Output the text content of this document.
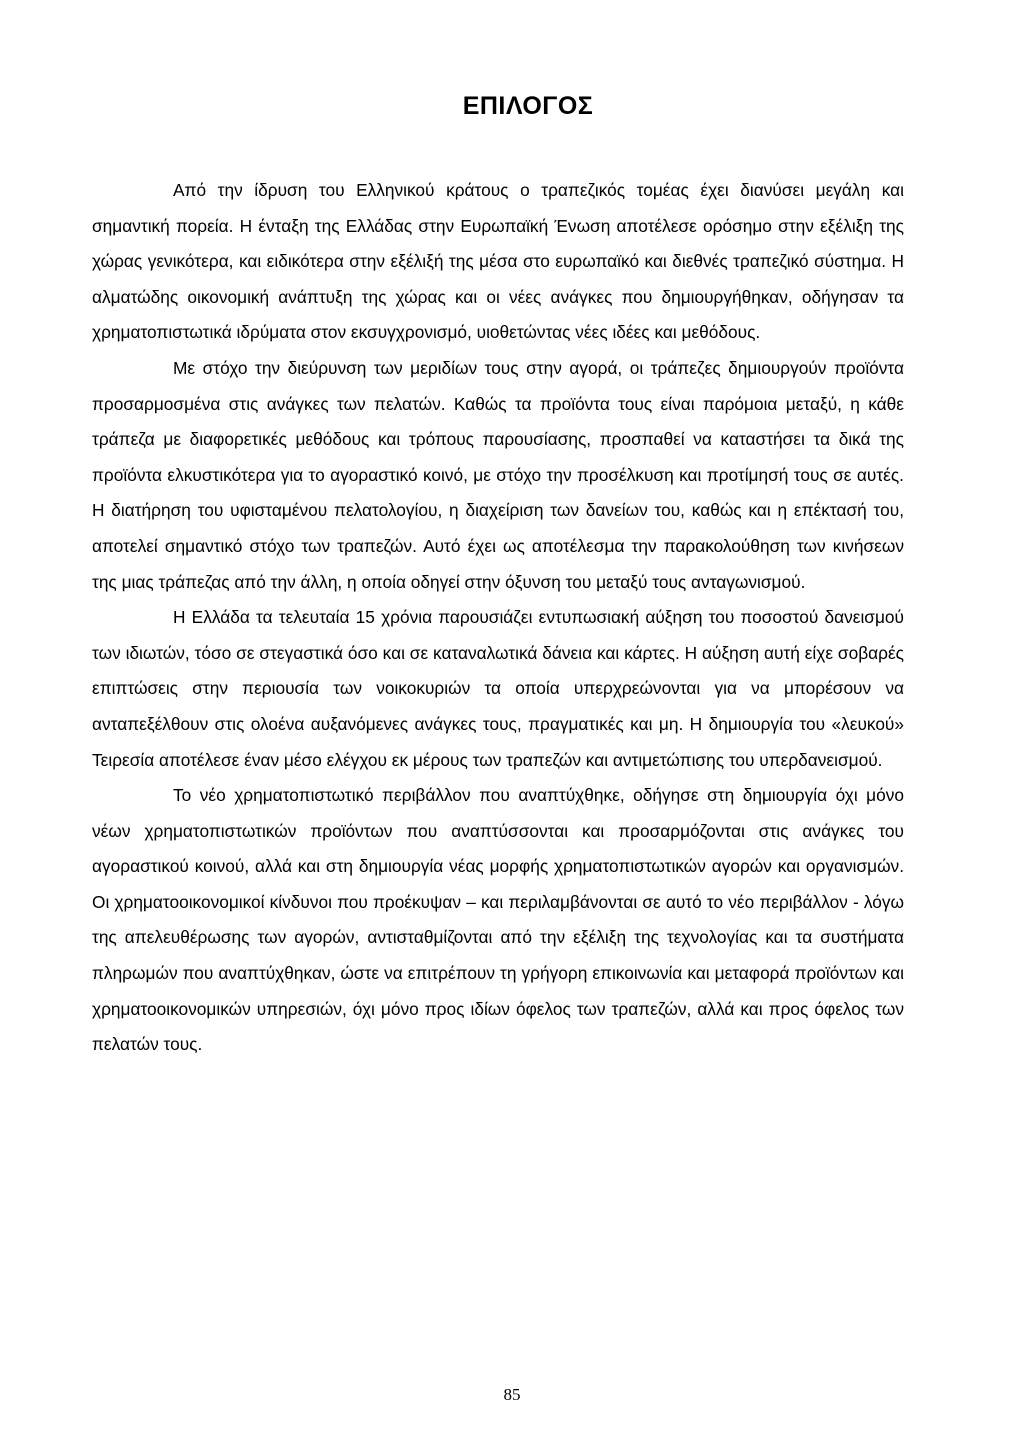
ΕΠΙΛΟΓΟΣ

Από την ίδρυση του Ελληνικού κράτους ο τραπεζικός τομέας έχει διανύσει μεγάλη και σημαντική πορεία. Η ένταξη της Ελλάδας στην Ευρωπαϊκή Ένωση αποτέλεσε ορόσημο στην εξέλιξη της χώρας γενικότερα, και ειδικότερα στην εξέλιξή της μέσα στο ευρωπαϊκό και διεθνές τραπεζικό σύστημα. Η αλματώδης οικονομική ανάπτυξη της χώρας και οι νέες ανάγκες που δημιουργήθηκαν, οδήγησαν τα χρηματοπιστωτικά ιδρύματα στον εκσυγχρονισμό, υιοθετώντας νέες ιδέες και μεθόδους.

Με στόχο την διεύρυνση των μεριδίων τους στην αγορά, οι τράπεζες δημιουργούν προϊόντα προσαρμοσμένα στις ανάγκες των πελατών. Καθώς τα προϊόντα τους είναι παρόμοια μεταξύ, η κάθε τράπεζα με διαφορετικές μεθόδους και τρόπους παρουσίασης, προσπαθεί να καταστήσει τα δικά της προϊόντα ελκυστικότερα για το αγοραστικό κοινό, με στόχο την προσέλκυση και προτίμησή τους σε αυτές. Η διατήρηση του υφισταμένου πελατολογίου, η διαχείριση των δανείων του, καθώς και η επέκτασή του, αποτελεί σημαντικό στόχο των τραπεζών. Αυτό έχει ως αποτέλεσμα την παρακολούθηση των κινήσεων της μιας τράπεζας από την άλλη, η οποία οδηγεί στην όξυνση του μεταξύ τους ανταγωνισμού.

Η Ελλάδα τα τελευταία 15 χρόνια παρουσιάζει εντυπωσιακή αύξηση του ποσοστού δανεισμού των ιδιωτών, τόσο σε στεγαστικά όσο και σε καταναλωτικά δάνεια και κάρτες. Η αύξηση αυτή είχε σοβαρές επιπτώσεις στην περιουσία των νοικοκυριών τα οποία υπερχρεώνονται για να μπορέσουν να ανταπεξέλθουν στις ολοένα αυξανόμενες ανάγκες τους, πραγματικές και μη. Η δημιουργία του «λευκού» Τειρεσία αποτέλεσε έναν μέσο ελέγχου εκ μέρους των τραπεζών και αντιμετώπισης του υπερδανεισμού.

Το νέο χρηματοπιστωτικό περιβάλλον που αναπτύχθηκε, οδήγησε στη δημιουργία όχι μόνο νέων χρηματοπιστωτικών προϊόντων που αναπτύσσονται και προσαρμόζονται στις ανάγκες του αγοραστικού κοινού, αλλά και στη δημιουργία νέας μορφής χρηματοπιστωτικών αγορών και οργανισμών. Οι χρηματοοικονομικοί κίνδυνοι που προέκυψαν – και περιλαμβάνονται σε αυτό το νέο περιβάλλον - λόγω της απελευθέρωσης των αγορών, αντισταθμίζονται από την εξέλιξη της τεχνολογίας και τα συστήματα πληρωμών που αναπτύχθηκαν, ώστε να επιτρέπουν τη γρήγορη επικοινωνία και μεταφορά προϊόντων και χρηματοοικονομικών υπηρεσιών, όχι μόνο προς ιδίων όφελος των τραπεζών, αλλά και προς όφελος των πελατών τους.

85
